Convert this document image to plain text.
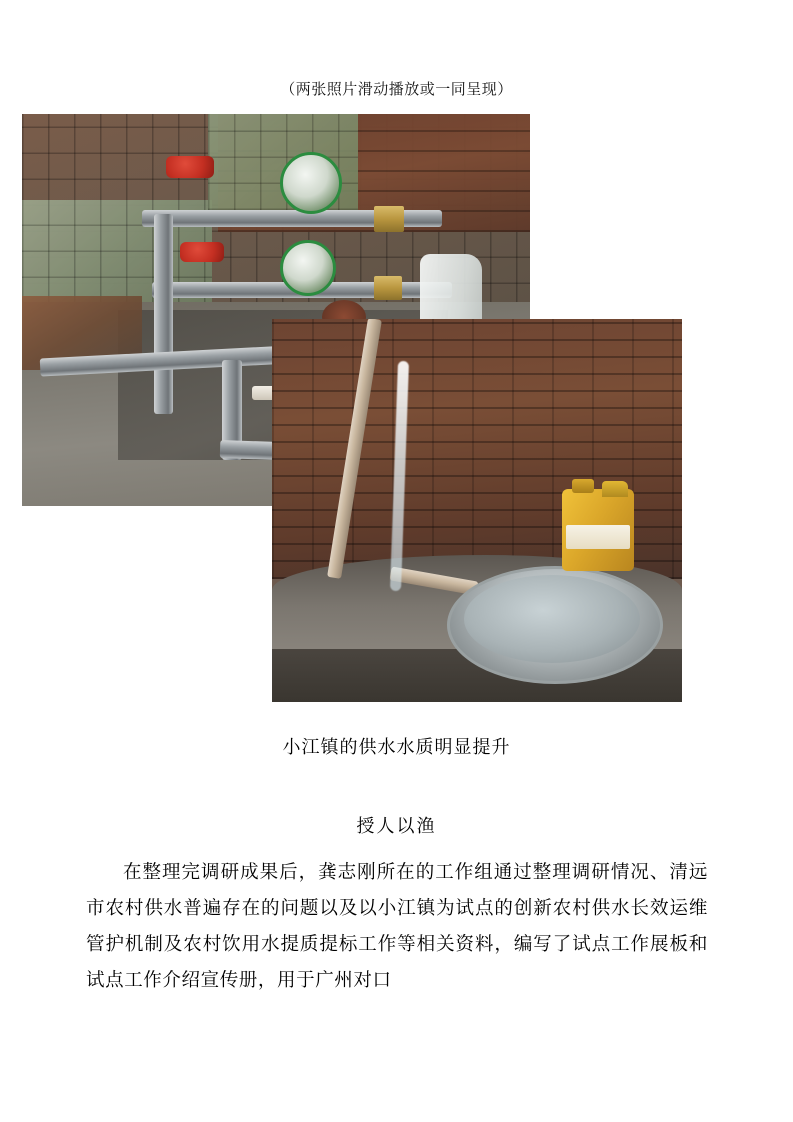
（两张照片滑动播放或一同呈现）
小江镇的供水水质明显提升
授人以渔
在整理完调研成果后，龚志刚所在的工作组通过整理调研情况、清远市农村供水普遍存在的问题以及以小江镇为试点的创新农村供水长效运维管护机制及农村饮用水提质提标工作等相关资料，编写了试点工作展板和试点工作介绍宣传册，用于广州对口
